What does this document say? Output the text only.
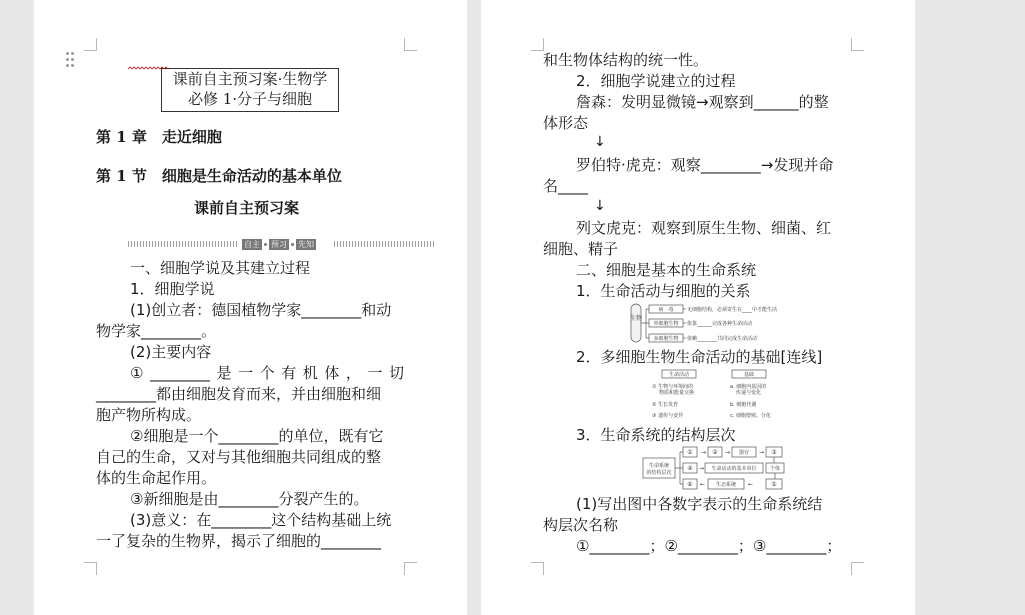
课前自主预习案·生物学
必修 1·分子与细胞
第 1 章　走近细胞
第 1 节　细胞是生命活动的基本单位
课前自主预习案
自主 预习 先知
一、细胞学说及其建立过程
1．细胞学说
(1)创立者：德国植物学家________和动
物学家________。
(2)主要内容
①________是一个有机体，一切
________都由细胞发育而来，并由细胞和细
胞产物所构成。
②细胞是一个________的单位，既有它
自己的生命，又对与其他细胞共同组成的整
体的生命起作用。
③新细胞是由________分裂产生的。
(3)意义：在________这个结构基础上统
一了复杂的生物界，揭示了细胞的________
和生物体结构的统一性。
2．细胞学说建立的过程
詹森：发明显微镜→观察到______的整
体形态
↓
罗伯特·虎克：观察________→发现并命
名____
↓
列文虎克：观察到原生生物、细菌、红
细胞、精子
二、细胞是基本的生命系统
1．生命活动与细胞的关系
生物
病　毒
单细胞生物
多细胞生物
无细胞结构，必须寄生在____中才能生活
依靠______完成各种生命活动
依赖________共同完成生命活动
2．多细胞生物生命活动的基础[连线]
生命活动	基础
① 生物与环境间的
物质和能量交换
② 生长发育
③ 遗传与变异
a. 细胞内基因的
传递与变化
b. 细胞代谢
c. 细胞增殖、分化
3．生命系统的结构层次
生命系统
的结构层次
① → ② → 器官 → ③
个体
④ → 生命活动的基本单位
⑥ ← 生态系统 ←	⑤
(1)写出图中各数字表示的生命系统结
构层次名称
①________；②________；③________；
